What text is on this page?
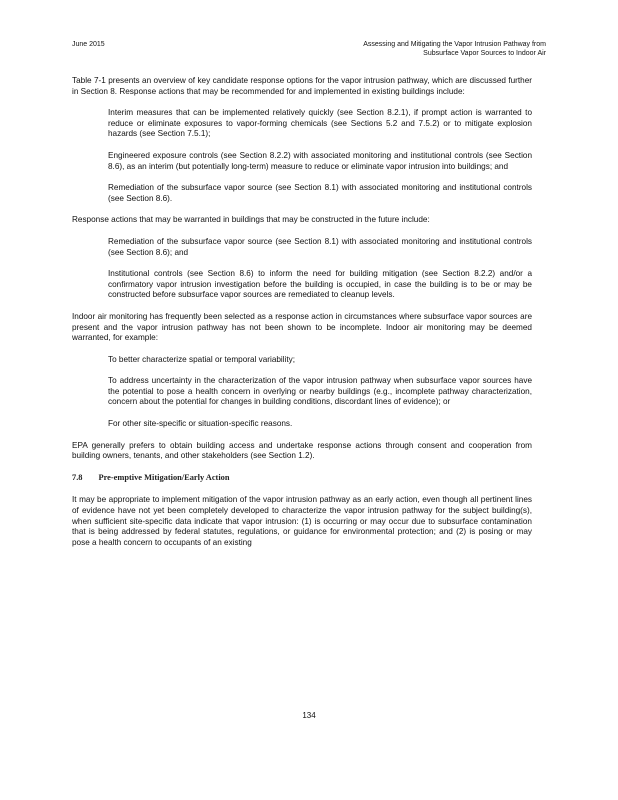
June 2015	Assessing and Mitigating the Vapor Intrusion Pathway from
Subsurface Vapor Sources to Indoor Air

Table 7-1 presents an overview of key candidate response options for the vapor intrusion pathway, which are discussed further in Section 8. Response actions that may be recommended for and implemented in existing buildings include:

Interim measures that can be implemented relatively quickly (see Section 8.2.1), if prompt action is warranted to reduce or eliminate exposures to vapor-forming chemicals (see Sections 5.2 and 7.5.2) or to mitigate explosion hazards (see Section 7.5.1);
Engineered exposure controls (see Section 8.2.2) with associated monitoring and institutional controls (see Section 8.6), as an interim (but potentially long-term) measure to reduce or eliminate vapor intrusion into buildings; and
Remediation of the subsurface vapor source (see Section 8.1) with associated monitoring and institutional controls (see Section 8.6).

Response actions that may be warranted in buildings that may be constructed in the future include:

Remediation of the subsurface vapor source (see Section 8.1) with associated monitoring and institutional controls (see Section 8.6); and
Institutional controls (see Section 8.6) to inform the need for building mitigation (see Section 8.2.2) and/or a confirmatory vapor intrusion investigation before the building is occupied, in case the building is to be or may be constructed before subsurface vapor sources are remediated to cleanup levels.

Indoor air monitoring has frequently been selected as a response action in circumstances where subsurface vapor sources are present and the vapor intrusion pathway has not been shown to be incomplete. Indoor air monitoring may be deemed warranted, for example:

To better characterize spatial or temporal variability;
To address uncertainty in the characterization of the vapor intrusion pathway when subsurface vapor sources have the potential to pose a health concern in overlying or nearby buildings (e.g., incomplete pathway characterization, concern about the potential for changes in building conditions, discordant lines of evidence); or
For other site-specific or situation-specific reasons.

EPA generally prefers to obtain building access and undertake response actions through consent and cooperation from building owners, tenants, and other stakeholders (see Section 1.2).

7.8 Pre-emptive Mitigation/Early Action

It may be appropriate to implement mitigation of the vapor intrusion pathway as an early action, even though all pertinent lines of evidence have not yet been completely developed to characterize the vapor intrusion pathway for the subject building(s), when sufficient site-specific data indicate that vapor intrusion: (1) is occurring or may occur due to subsurface contamination that is being addressed by federal statutes, regulations, or guidance for environmental protection; and (2) is posing or may pose a health concern to occupants of an existing

134
